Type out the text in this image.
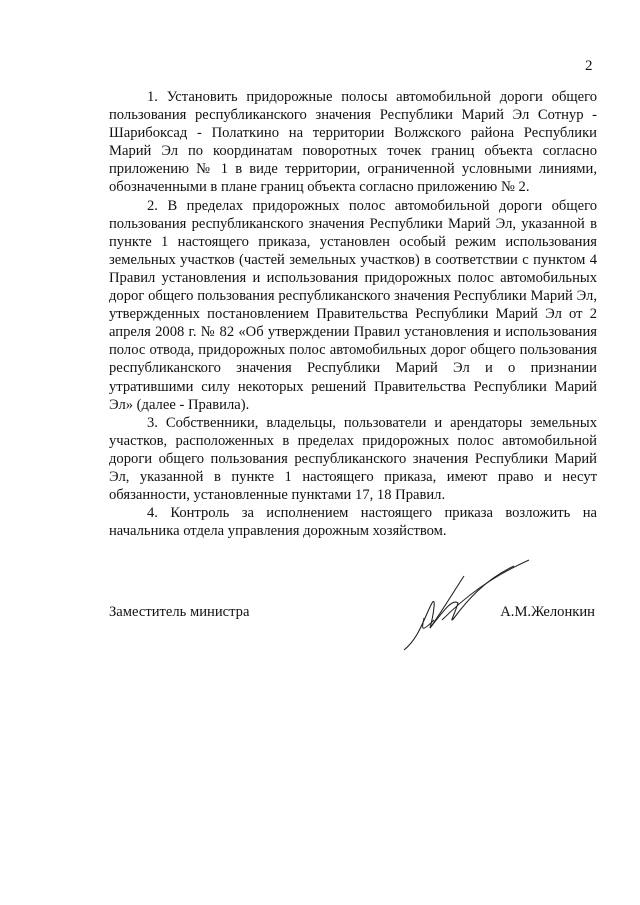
2

1. Установить придорожные полосы автомобильной дороги общего пользования республиканского значения Республики Марий Эл Сотнур - Шарибоксад - Полаткино на территории Волжского района Республики Марий Эл по координатам поворотных точек границ объекта согласно приложению № 1 в виде территории, ограниченной условными линиями, обозначенными в плане границ объекта согласно приложению № 2.

2. В пределах придорожных полос автомобильной дороги общего пользования республиканского значения Республики Марий Эл, указанной в пункте 1 настоящего приказа, установлен особый режим использования земельных участков (частей земельных участков) в соответствии с пунктом 4 Правил установления и использования придорожных полос автомобильных дорог общего пользования республиканского значения Республики Марий Эл, утвержденных постановлением Правительства Республики Марий Эл от 2 апреля 2008 г. № 82 «Об утверждении Правил установления и использования полос отвода, придорожных полос автомобильных дорог общего пользования республиканского значения Республики Марий Эл и о признании утратившими силу некоторых решений Правительства Республики Марий Эл» (далее - Правила).

3. Собственники, владельцы, пользователи и арендаторы земельных участков, расположенных в пределах придорожных полос автомобильной дороги общего пользования республиканского значения Республики Марий Эл, указанной в пункте 1 настоящего приказа, имеют право и несут обязанности, установленные пунктами 17, 18 Правил.

4. Контроль за исполнением настоящего приказа возложить на начальника отдела управления дорожным хозяйством.

Заместитель министра	А.М.Желонкин
